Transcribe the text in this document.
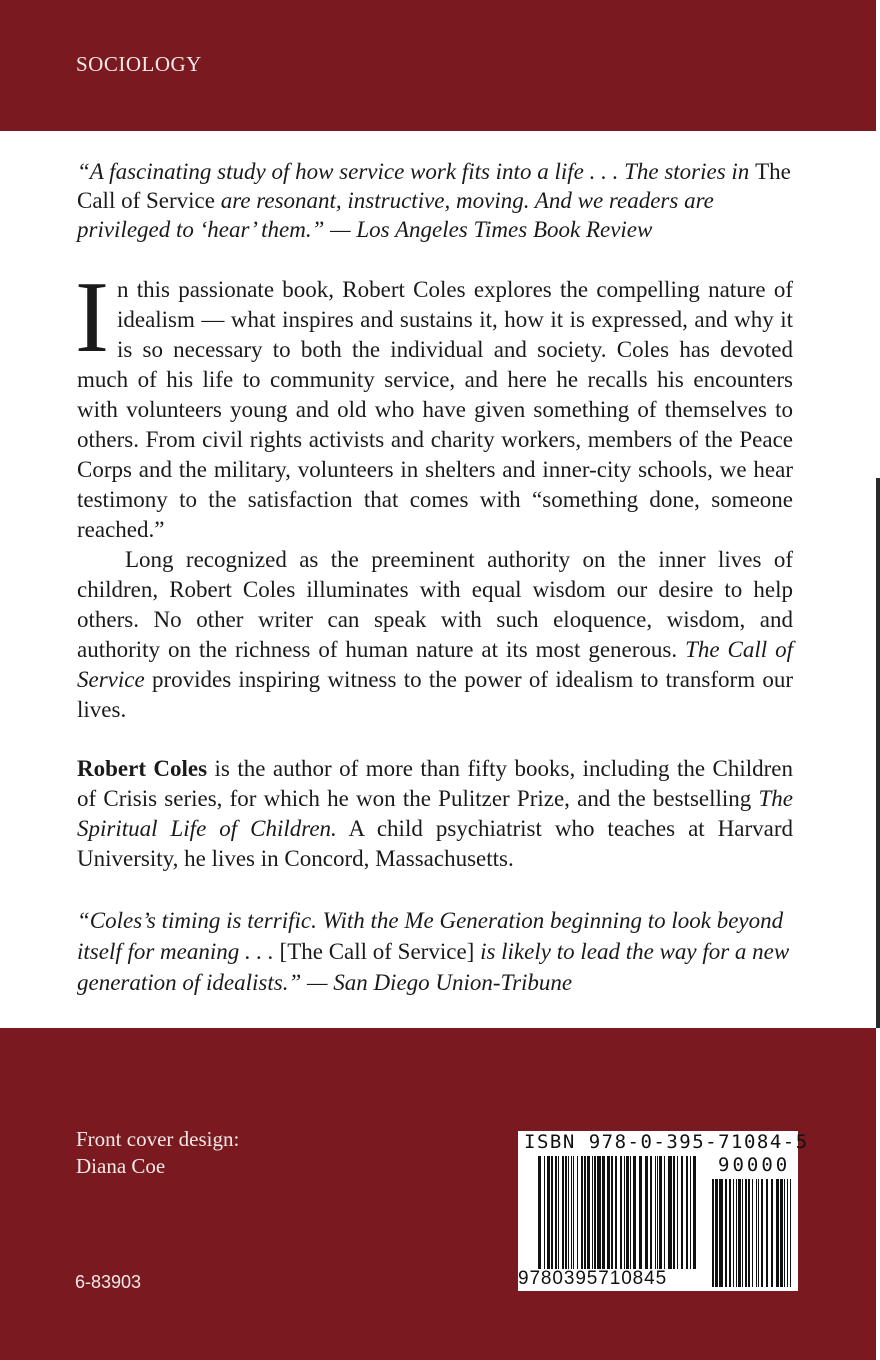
SOCIOLOGY
“A fascinating study of how service work fits into a life . . . The stories in The Call of Service are resonant, instructive, moving. And we readers are privileged to ‘hear’ them.” — Los Angeles Times Book Review

In this passionate book, Robert Coles explores the compelling nature of idealism — what inspires and sustains it, how it is expressed, and why it is so necessary to both the individual and society. Coles has devoted much of his life to community service, and here he recalls his encounters with volunteers young and old who have given something of themselves to others. From civil rights activists and charity workers, members of the Peace Corps and the military, volunteers in shelters and inner-city schools, we hear testimony to the satisfaction that comes with “something done, someone reached.”

Long recognized as the preeminent authority on the inner lives of children, Robert Coles illuminates with equal wisdom our desire to help others. No other writer can speak with such eloquence, wisdom, and authority on the richness of human nature at its most generous. The Call of Service provides inspiring witness to the power of idealism to transform our lives.

Robert Coles is the author of more than fifty books, including the Children of Crisis series, for which he won the Pulitzer Prize, and the bestselling The Spiritual Life of Children. A child psychiatrist who teaches at Harvard University, he lives in Concord, Massachusetts.
“Coles’s timing is terrific. With the Me Generation beginning to look beyond itself for meaning . . . [The Call of Service] is likely to lead the way for a new generation of idealists.” — San Diego Union-Tribune
Front cover design:
Diana Coe
6-83903
ISBN 978-0-395-71084-5
90000
9780395710845
